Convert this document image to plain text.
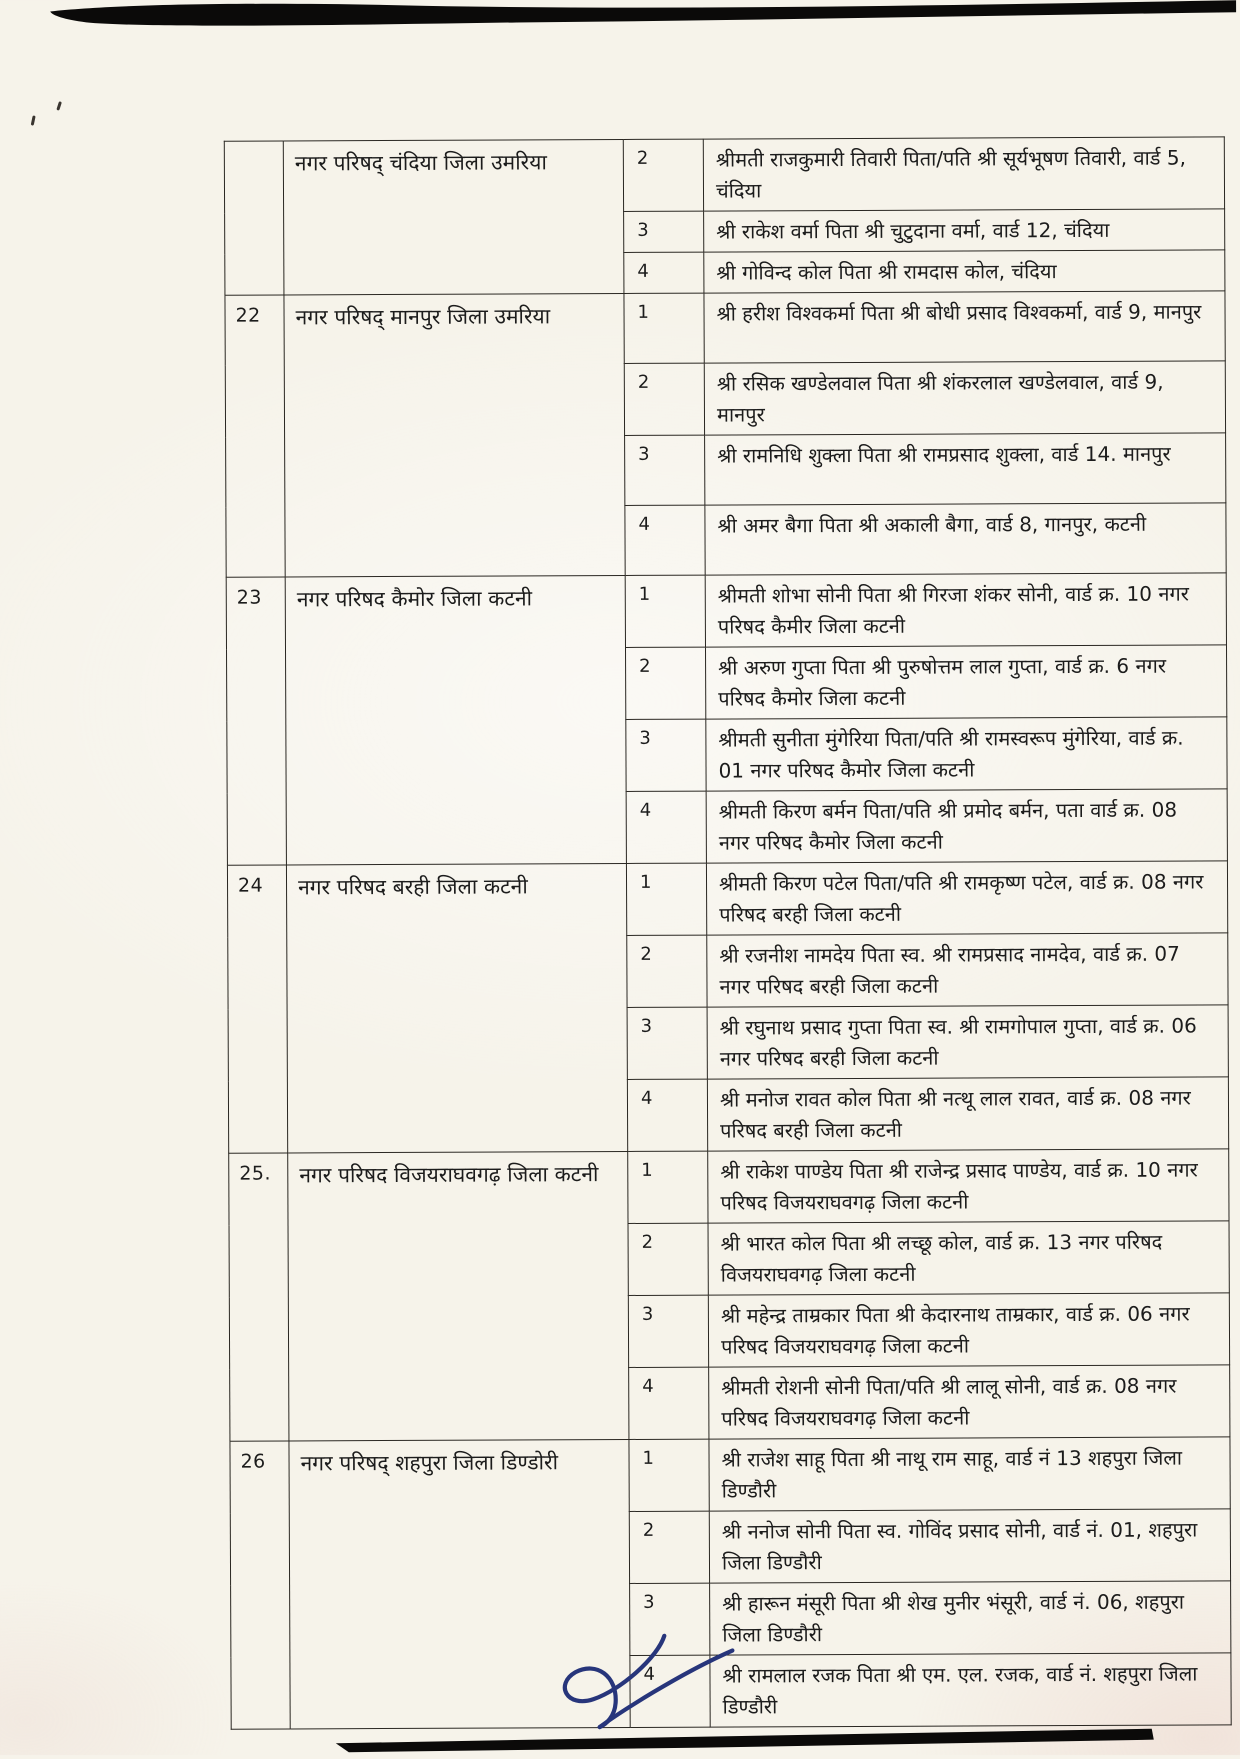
	नगर परिषद् चंदिया जिला उमरिया	2	श्रीमती राजकुमारी तिवारी पिता/पति श्री सूर्यभूषण तिवारी, वार्ड 5, चंदिया
		3	श्री राकेश वर्मा पिता श्री चुटुदाना वर्मा, वार्ड 12, चंदिया
		4	श्री गोविन्द कोल पिता श्री रामदास कोल, चंदिया
22	नगर परिषद् मानपुर जिला उमरिया	1	श्री हरीश विश्वकर्मा पिता श्री बोधी प्रसाद विश्वकर्मा, वार्ड 9, मानपुर
		2	श्री रसिक खण्डेलवाल पिता श्री शंकरलाल खण्डेलवाल, वार्ड 9, मानपुर
		3	श्री रामनिधि शुक्ला पिता श्री रामप्रसाद शुक्ला, वार्ड 14. मानपुर
		4	श्री अमर बैगा पिता श्री अकाली बैगा, वार्ड 8, गानपुर, कटनी
23	नगर परिषद कैमोर जिला कटनी	1	श्रीमती शोभा सोनी पिता श्री गिरजा शंकर सोनी, वार्ड क्र. 10 नगर परिषद कैमीर जिला कटनी
		2	श्री अरुण गुप्ता पिता श्री पुरुषोत्तम लाल गुप्ता, वार्ड क्र. 6 नगर परिषद कैमोर जिला कटनी
		3	श्रीमती सुनीता मुंगेरिया पिता/पति श्री रामस्वरूप मुंगेरिया, वार्ड क्र. 01 नगर परिषद कैमोर जिला कटनी
		4	श्रीमती किरण बर्मन पिता/पति श्री प्रमोद बर्मन, पता वार्ड क्र. 08 नगर परिषद कैमोर जिला कटनी
24	नगर परिषद बरही जिला कटनी	1	श्रीमती किरण पटेल पिता/पति श्री रामकृष्ण पटेल, वार्ड क्र. 08 नगर परिषद बरही जिला कटनी
		2	श्री रजनीश नामदेय पिता स्व. श्री रामप्रसाद नामदेव, वार्ड क्र. 07 नगर परिषद बरही जिला कटनी
		3	श्री रघुनाथ प्रसाद गुप्ता पिता स्व. श्री रामगोपाल गुप्ता, वार्ड क्र. 06 नगर परिषद बरही जिला कटनी
		4	श्री मनोज रावत कोल पिता श्री नत्थू लाल रावत, वार्ड क्र. 08 नगर परिषद बरही जिला कटनी
25.	नगर परिषद विजयराघवगढ़ जिला कटनी	1	श्री राकेश पाण्डेय पिता श्री राजेन्द्र प्रसाद पाण्डेय, वार्ड क्र. 10 नगर परिषद विजयराघवगढ़ जिला कटनी
		2	श्री भारत कोल पिता श्री लच्छू कोल, वार्ड क्र. 13 नगर परिषद विजयराघवगढ़ जिला कटनी
		3	श्री महेन्द्र ताम्रकार पिता श्री केदारनाथ ताम्रकार, वार्ड क्र. 06 नगर परिषद विजयराघवगढ़ जिला कटनी
		4	श्रीमती रोशनी सोनी पिता/पति श्री लालू सोनी, वार्ड क्र. 08 नगर परिषद विजयराघवगढ़ जिला कटनी
26	नगर परिषद् शहपुरा जिला डिण्डोरी	1	श्री राजेश साहू पिता श्री नाथू राम साहू, वार्ड नं 13 शहपुरा जिला डिण्डौरी
		2	श्री ननोज सोनी पिता स्व. गोविंद प्रसाद सोनी, वार्ड नं. 01, शहपुरा जिला डिण्डौरी
		3	श्री हारून मंसूरी पिता श्री शेख मुनीर भंसूरी, वार्ड नं. 06, शहपुरा जिला डिण्डौरी
		4	श्री रामलाल रजक पिता श्री एम. एल. रजक, वार्ड नं. शहपुरा जिला डिण्डौरी
